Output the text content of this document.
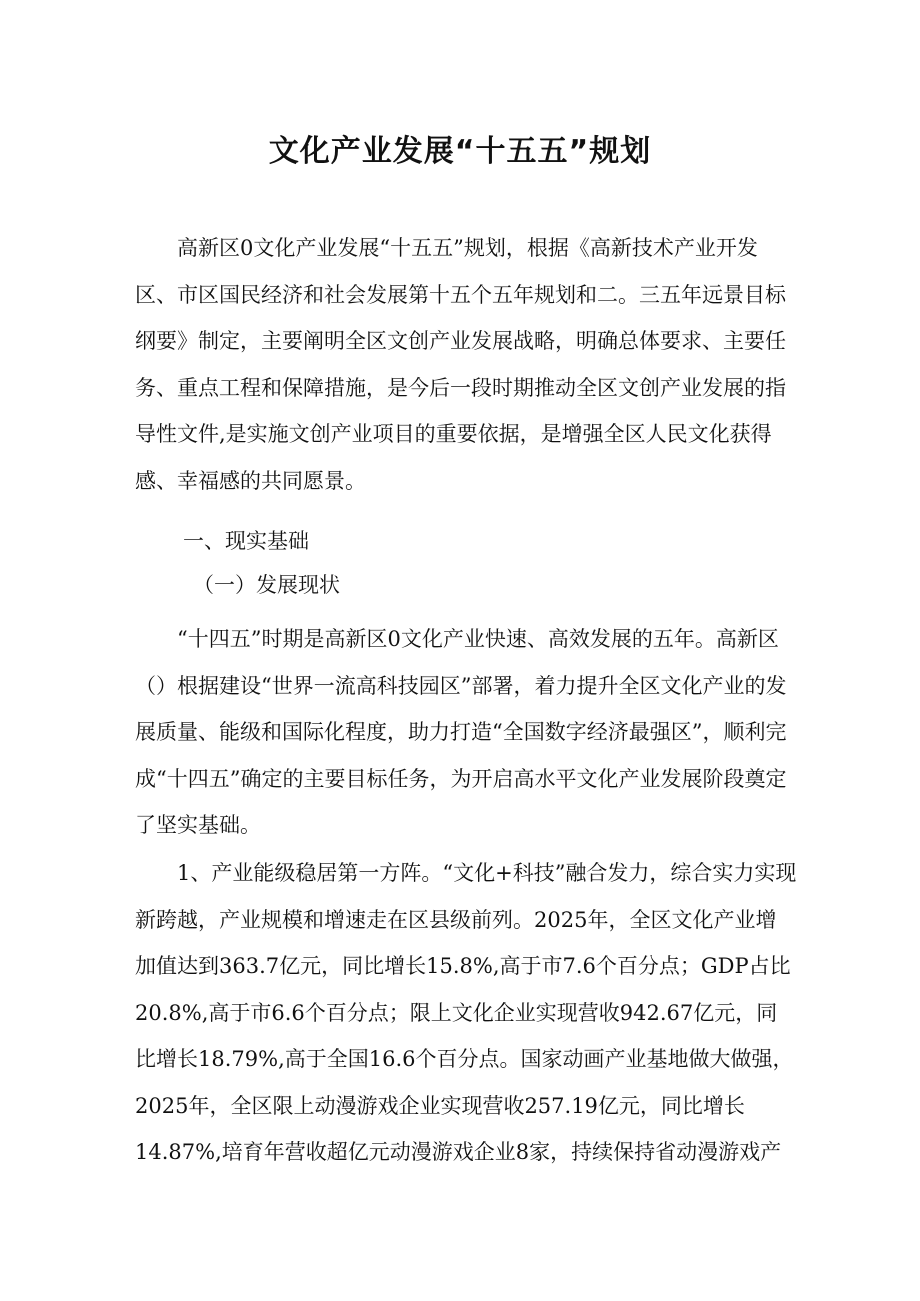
文化产业发展“十五五”规划

高新区0文化产业发展“十五五”规划，根据《高新技术产业开发区、市区国民经济和社会发展第十五个五年规划和二。三五年远景目标纲要》制定，主要阐明全区文创产业发展战略，明确总体要求、主要任务、重点工程和保障措施，是今后一段时期推动全区文创产业发展的指导性文件,是实施文创产业项目的重要依据，是增强全区人民文化获得感、幸福感的共同愿景。

一、现实基础

（一）发展现状

“十四五”时期是高新区0文化产业快速、高效发展的五年。高新区（）根据建设“世界一流高科技园区”部署，着力提升全区文化产业的发展质量、能级和国际化程度，助力打造“全国数字经济最强区”，顺利完成“十四五”确定的主要目标任务，为开启高水平文化产业发展阶段奠定了坚实基础。

1、产业能级稳居第一方阵。“文化+科技”融合发力，综合实力实现新跨越，产业规模和增速走在区县级前列。2025年，全区文化产业增加值达到363.7亿元，同比增长15.8%,高于市7.6个百分点；GDP占比20.8%,高于市6.6个百分点；限上文化企业实现营收942.67亿元，同比增长18.79%,高于全国16.6个百分点。国家动画产业基地做大做强，2025年，全区限上动漫游戏企业实现营收257.19亿元，同比增长14.87%,培育年营收超亿元动漫游戏企业8家，持续保持省动漫游戏产
